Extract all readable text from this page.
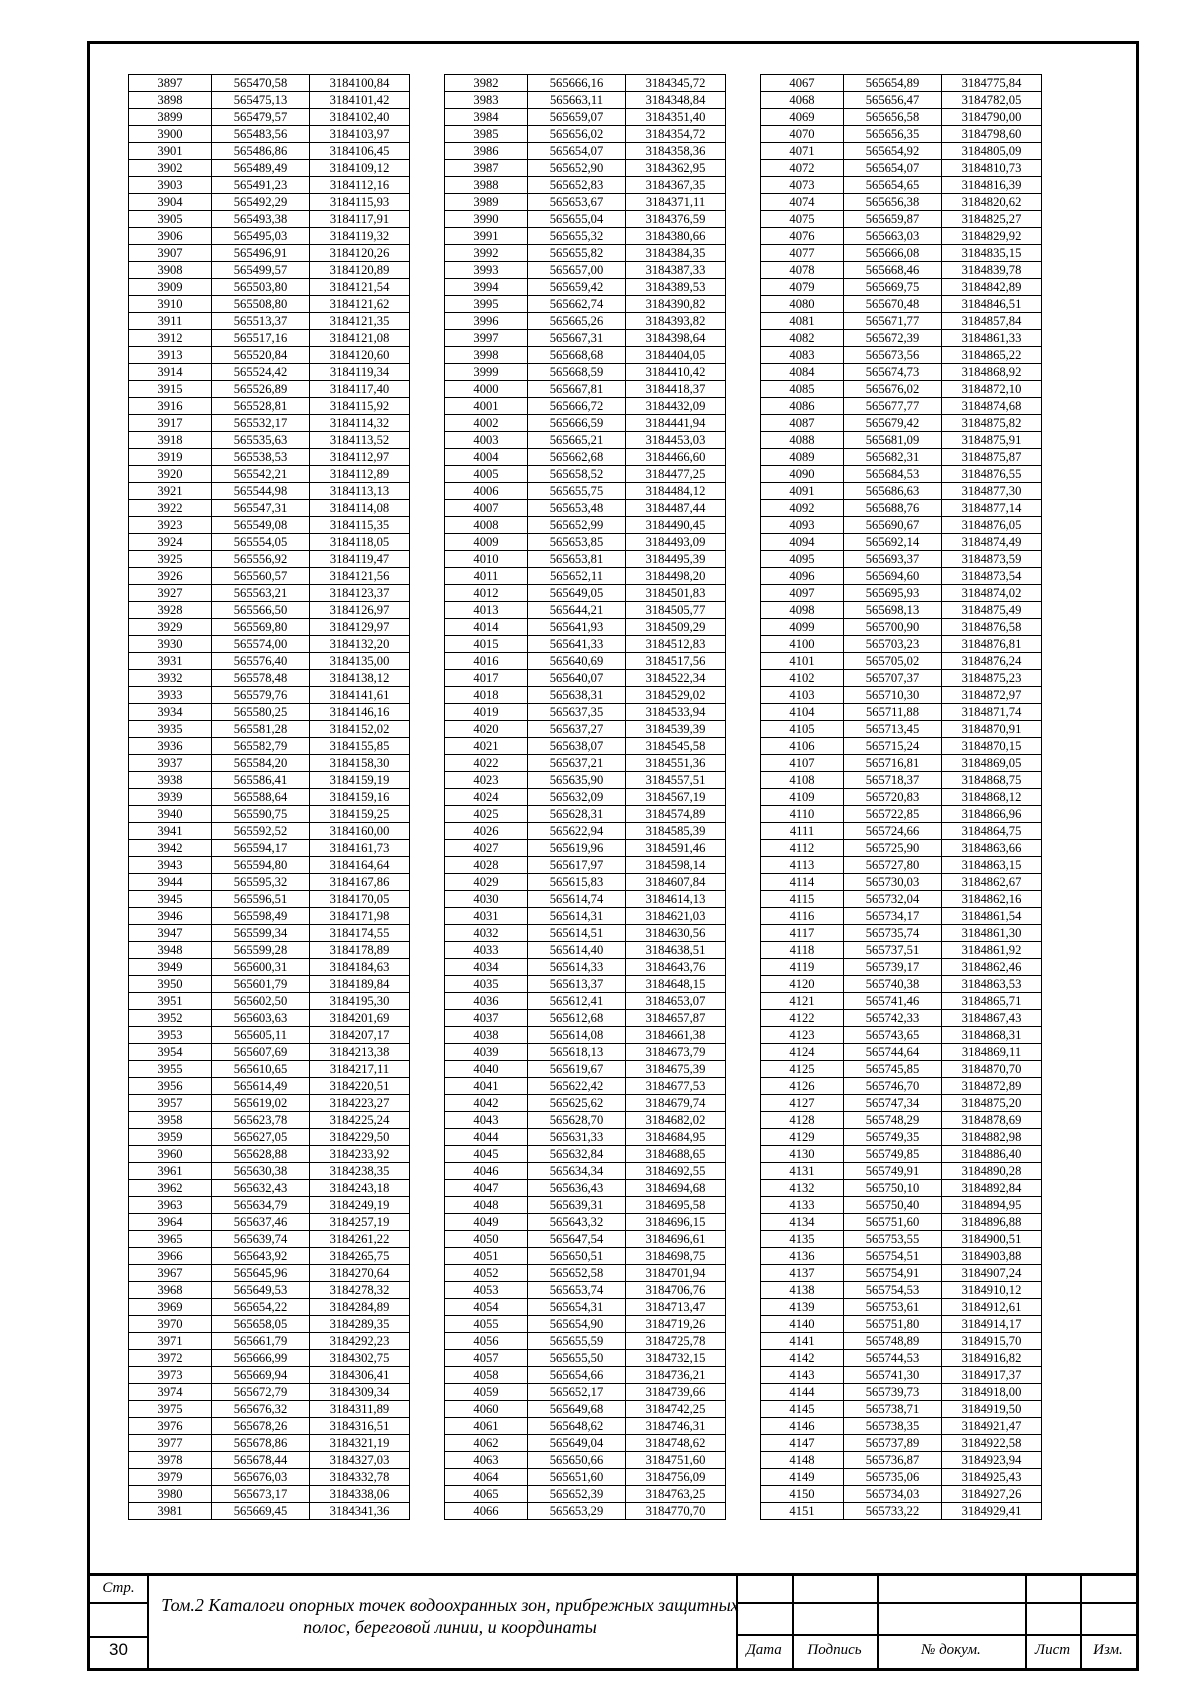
3897	565470,58	3184100,84
3898	565475,13	3184101,42
3899	565479,57	3184102,40
3900	565483,56	3184103,97
3901	565486,86	3184106,45
3902	565489,49	3184109,12
3903	565491,23	3184112,16
3904	565492,29	3184115,93
3905	565493,38	3184117,91
3906	565495,03	3184119,32
3907	565496,91	3184120,26
3908	565499,57	3184120,89
3909	565503,80	3184121,54
3910	565508,80	3184121,62
3911	565513,37	3184121,35
3912	565517,16	3184121,08
3913	565520,84	3184120,60
3914	565524,42	3184119,34
3915	565526,89	3184117,40
3916	565528,81	3184115,92
3917	565532,17	3184114,32
3918	565535,63	3184113,52
3919	565538,53	3184112,97
3920	565542,21	3184112,89
3921	565544,98	3184113,13
3922	565547,31	3184114,08
3923	565549,08	3184115,35
3924	565554,05	3184118,05
3925	565556,92	3184119,47
3926	565560,57	3184121,56
3927	565563,21	3184123,37
3928	565566,50	3184126,97
3929	565569,80	3184129,97
3930	565574,00	3184132,20
3931	565576,40	3184135,00
3932	565578,48	3184138,12
3933	565579,76	3184141,61
3934	565580,25	3184146,16
3935	565581,28	3184152,02
3936	565582,79	3184155,85
3937	565584,20	3184158,30
3938	565586,41	3184159,19
3939	565588,64	3184159,16
3940	565590,75	3184159,25
3941	565592,52	3184160,00
3942	565594,17	3184161,73
3943	565594,80	3184164,64
3944	565595,32	3184167,86
3945	565596,51	3184170,05
3946	565598,49	3184171,98
3947	565599,34	3184174,55
3948	565599,28	3184178,89
3949	565600,31	3184184,63
3950	565601,79	3184189,84
3951	565602,50	3184195,30
3952	565603,63	3184201,69
3953	565605,11	3184207,17
3954	565607,69	3184213,38
3955	565610,65	3184217,11
3956	565614,49	3184220,51
3957	565619,02	3184223,27
3958	565623,78	3184225,24
3959	565627,05	3184229,50
3960	565628,88	3184233,92
3961	565630,38	3184238,35
3962	565632,43	3184243,18
3963	565634,79	3184249,19
3964	565637,46	3184257,19
3965	565639,74	3184261,22
3966	565643,92	3184265,75
3967	565645,96	3184270,64
3968	565649,53	3184278,32
3969	565654,22	3184284,89
3970	565658,05	3184289,35
3971	565661,79	3184292,23
3972	565666,99	3184302,75
3973	565669,94	3184306,41
3974	565672,79	3184309,34
3975	565676,32	3184311,89
3976	565678,26	3184316,51
3977	565678,86	3184321,19
3978	565678,44	3184327,03
3979	565676,03	3184332,78
3980	565673,17	3184338,06
3981	565669,45	3184341,36
3982	565666,16	3184345,72
3983	565663,11	3184348,84
3984	565659,07	3184351,40
3985	565656,02	3184354,72
3986	565654,07	3184358,36
3987	565652,90	3184362,95
3988	565652,83	3184367,35
3989	565653,67	3184371,11
3990	565655,04	3184376,59
3991	565655,32	3184380,66
3992	565655,82	3184384,35
3993	565657,00	3184387,33
3994	565659,42	3184389,53
3995	565662,74	3184390,82
3996	565665,26	3184393,82
3997	565667,31	3184398,64
3998	565668,68	3184404,05
3999	565668,59	3184410,42
4000	565667,81	3184418,37
4001	565666,72	3184432,09
4002	565666,59	3184441,94
4003	565665,21	3184453,03
4004	565662,68	3184466,60
4005	565658,52	3184477,25
4006	565655,75	3184484,12
4007	565653,48	3184487,44
4008	565652,99	3184490,45
4009	565653,85	3184493,09
4010	565653,81	3184495,39
4011	565652,11	3184498,20
4012	565649,05	3184501,83
4013	565644,21	3184505,77
4014	565641,93	3184509,29
4015	565641,33	3184512,83
4016	565640,69	3184517,56
4017	565640,07	3184522,34
4018	565638,31	3184529,02
4019	565637,35	3184533,94
4020	565637,27	3184539,39
4021	565638,07	3184545,58
4022	565637,21	3184551,36
4023	565635,90	3184557,51
4024	565632,09	3184567,19
4025	565628,31	3184574,89
4026	565622,94	3184585,39
4027	565619,96	3184591,46
4028	565617,97	3184598,14
4029	565615,83	3184607,84
4030	565614,74	3184614,13
4031	565614,31	3184621,03
4032	565614,51	3184630,56
4033	565614,40	3184638,51
4034	565614,33	3184643,76
4035	565613,37	3184648,15
4036	565612,41	3184653,07
4037	565612,68	3184657,87
4038	565614,08	3184661,38
4039	565618,13	3184673,79
4040	565619,67	3184675,39
4041	565622,42	3184677,53
4042	565625,62	3184679,74
4043	565628,70	3184682,02
4044	565631,33	3184684,95
4045	565632,84	3184688,65
4046	565634,34	3184692,55
4047	565636,43	3184694,68
4048	565639,31	3184695,58
4049	565643,32	3184696,15
4050	565647,54	3184696,61
4051	565650,51	3184698,75
4052	565652,58	3184701,94
4053	565653,74	3184706,76
4054	565654,31	3184713,47
4055	565654,90	3184719,26
4056	565655,59	3184725,78
4057	565655,50	3184732,15
4058	565654,66	3184736,21
4059	565652,17	3184739,66
4060	565649,68	3184742,25
4061	565648,62	3184746,31
4062	565649,04	3184748,62
4063	565650,66	3184751,60
4064	565651,60	3184756,09
4065	565652,39	3184763,25
4066	565653,29	3184770,70
4067	565654,89	3184775,84
4068	565656,47	3184782,05
4069	565656,58	3184790,00
4070	565656,35	3184798,60
4071	565654,92	3184805,09
4072	565654,07	3184810,73
4073	565654,65	3184816,39
4074	565656,38	3184820,62
4075	565659,87	3184825,27
4076	565663,03	3184829,92
4077	565666,08	3184835,15
4078	565668,46	3184839,78
4079	565669,75	3184842,89
4080	565670,48	3184846,51
4081	565671,77	3184857,84
4082	565672,39	3184861,33
4083	565673,56	3184865,22
4084	565674,73	3184868,92
4085	565676,02	3184872,10
4086	565677,77	3184874,68
4087	565679,42	3184875,82
4088	565681,09	3184875,91
4089	565682,31	3184875,87
4090	565684,53	3184876,55
4091	565686,63	3184877,30
4092	565688,76	3184877,14
4093	565690,67	3184876,05
4094	565692,14	3184874,49
4095	565693,37	3184873,59
4096	565694,60	3184873,54
4097	565695,93	3184874,02
4098	565698,13	3184875,49
4099	565700,90	3184876,58
4100	565703,23	3184876,81
4101	565705,02	3184876,24
4102	565707,37	3184875,23
4103	565710,30	3184872,97
4104	565711,88	3184871,74
4105	565713,45	3184870,91
4106	565715,24	3184870,15
4107	565716,81	3184869,05
4108	565718,37	3184868,75
4109	565720,83	3184868,12
4110	565722,85	3184866,96
4111	565724,66	3184864,75
4112	565725,90	3184863,66
4113	565727,80	3184863,15
4114	565730,03	3184862,67
4115	565732,04	3184862,16
4116	565734,17	3184861,54
4117	565735,74	3184861,30
4118	565737,51	3184861,92
4119	565739,17	3184862,46
4120	565740,38	3184863,53
4121	565741,46	3184865,71
4122	565742,33	3184867,43
4123	565743,65	3184868,31
4124	565744,64	3184869,11
4125	565745,85	3184870,70
4126	565746,70	3184872,89
4127	565747,34	3184875,20
4128	565748,29	3184878,69
4129	565749,35	3184882,98
4130	565749,85	3184886,40
4131	565749,91	3184890,28
4132	565750,10	3184892,84
4133	565750,40	3184894,95
4134	565751,60	3184896,88
4135	565753,55	3184900,51
4136	565754,51	3184903,88
4137	565754,91	3184907,24
4138	565754,53	3184910,12
4139	565753,61	3184912,61
4140	565751,80	3184914,17
4141	565748,89	3184915,70
4142	565744,53	3184916,82
4143	565741,30	3184917,37
4144	565739,73	3184918,00
4145	565738,71	3184919,50
4146	565738,35	3184921,47
4147	565737,89	3184922,58
4148	565736,87	3184923,94
4149	565735,06	3184925,43
4150	565734,03	3184927,26
4151	565733,22	3184929,41
Стр.
30
Том.2 Каталоги опорных точек водоохранных зон, прибрежных защитных полос, береговой линии, и координаты
Дата	Подпись	№ докум.	Лист	Изм.
